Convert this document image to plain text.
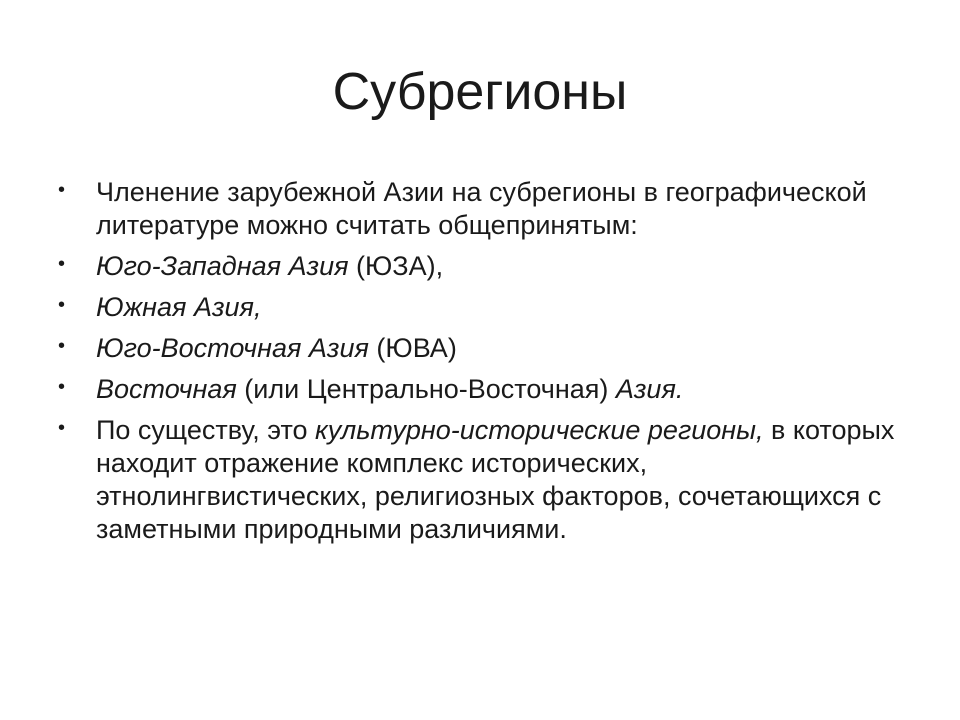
Субрегионы
• Членение зарубежной Азии на субрегионы в географической литературе можно считать общепринятым:
• Юго-Западная Азия (ЮЗА),
• Южная Азия,
• Юго-Восточная Азия (ЮВА)
• Восточная (или Центрально-Восточная) Азия.
• По существу, это культурно-исторические регионы, в которых находит отражение комплекс исторических, этнолингвистических, религиозных факторов, сочетающихся с заметными природными различиями.
